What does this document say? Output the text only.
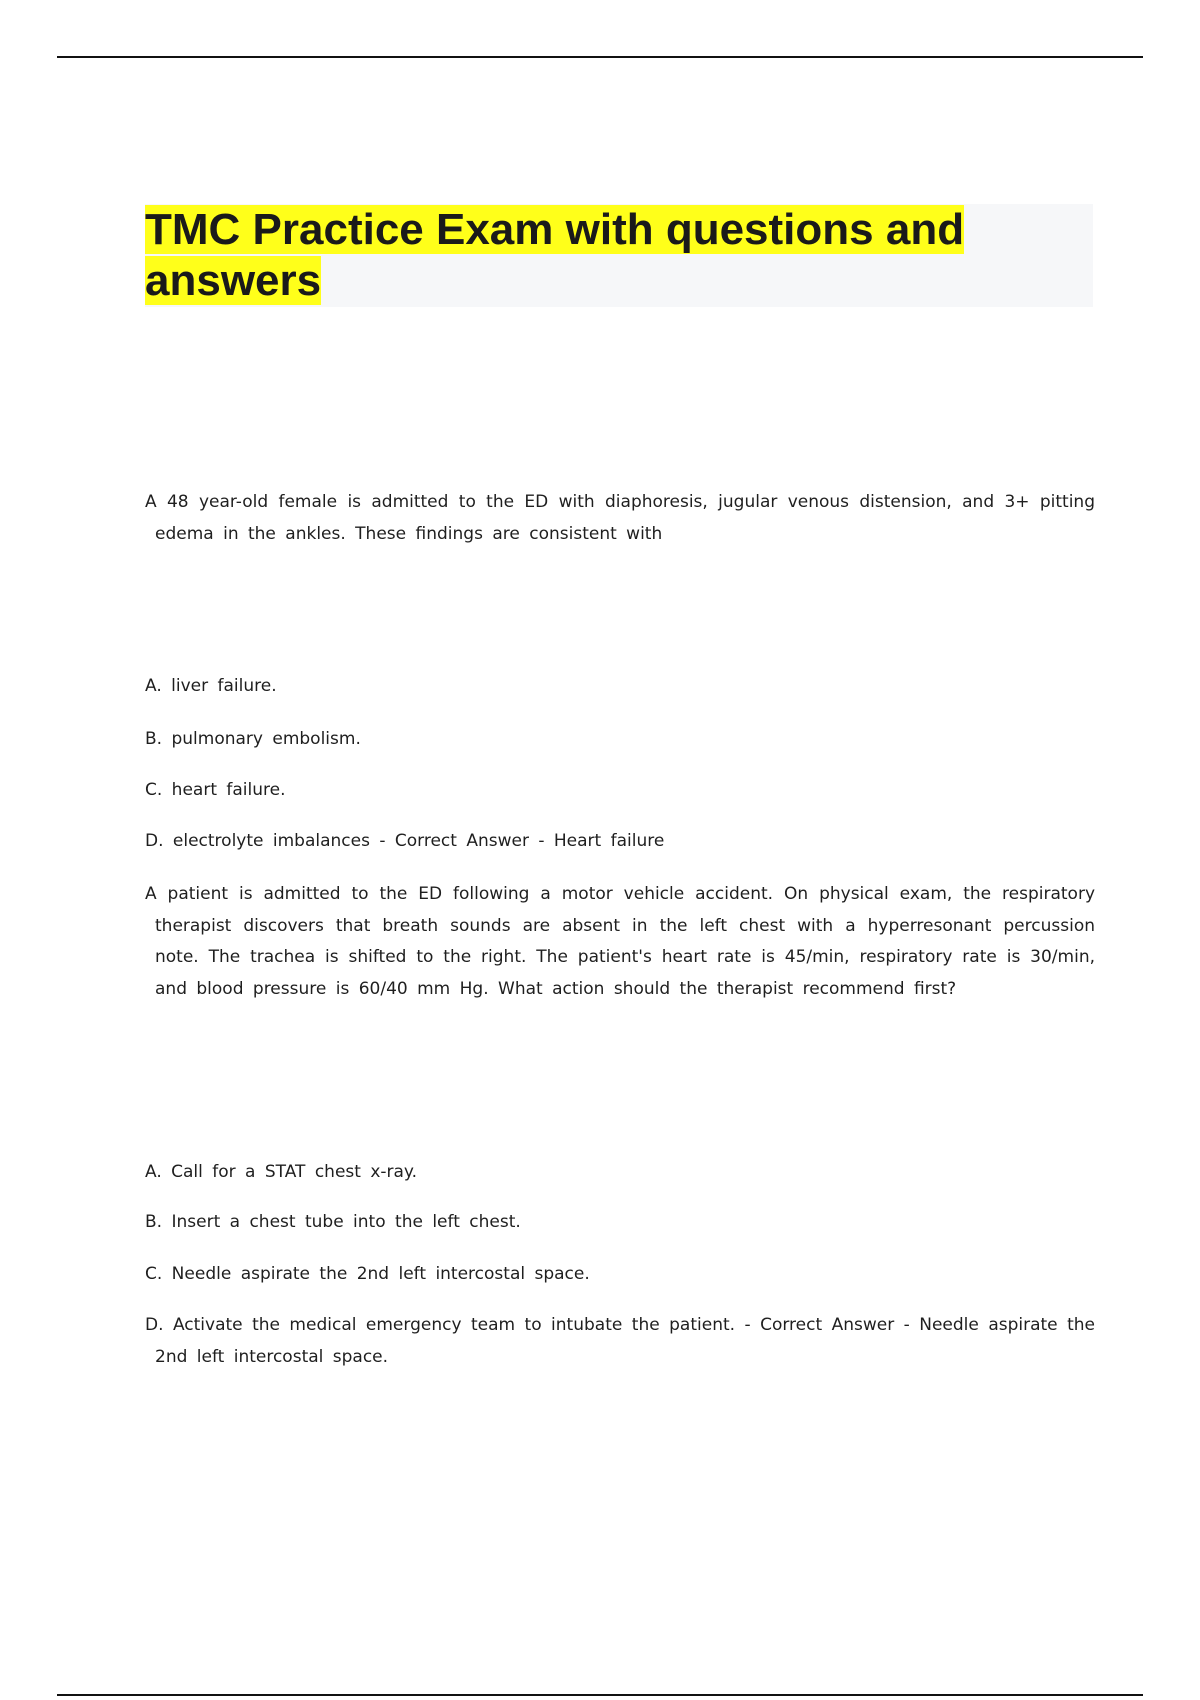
TMC Practice Exam with questions and answers

A 48 year-old female is admitted to the ED with diaphoresis, jugular venous distension, and 3+ pitting edema in the ankles. These findings are consistent with

A. liver failure.

B. pulmonary embolism.

C. heart failure.

D. electrolyte imbalances - Correct Answer - Heart failure

A patient is admitted to the ED following a motor vehicle accident. On physical exam, the respiratory therapist discovers that breath sounds are absent in the left chest with a hyperresonant percussion note. The trachea is shifted to the right. The patient's heart rate is 45/min, respiratory rate is 30/min, and blood pressure is 60/40 mm Hg. What action should the therapist recommend first?

A. Call for a STAT chest x-ray.

B. Insert a chest tube into the left chest.

C. Needle aspirate the 2nd left intercostal space.

D. Activate the medical emergency team to intubate the patient. - Correct Answer - Needle aspirate the 2nd left intercostal space.
